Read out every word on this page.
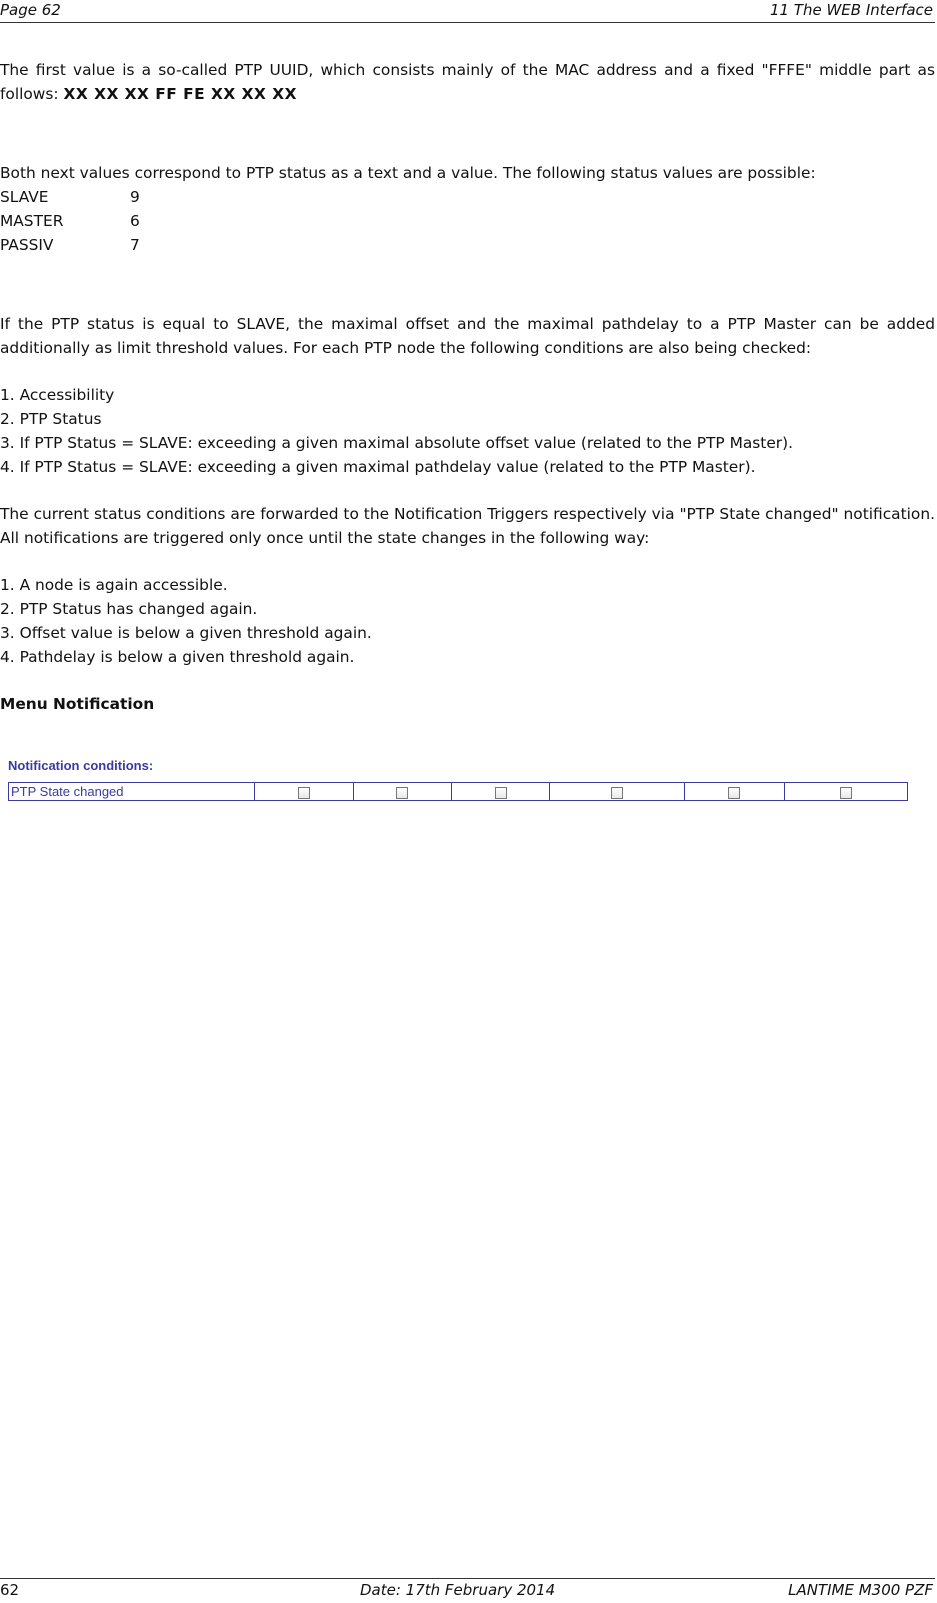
Page 62	11 The WEB Interface

The first value is a so-called PTP UUID, which consists mainly of the MAC address and a fixed "FFFE" middle part as follows: XX XX XX FF FE XX XX XX

Both next values correspond to PTP status as a text and a value. The following status values are possible:

SLAVE	9
MASTER	6
PASSIV	7

If the PTP status is equal to SLAVE, the maximal offset and the maximal pathdelay to a PTP Master can be added additionally as limit threshold values. For each PTP node the following conditions are also being checked:

1. Accessibility

2. PTP Status

3. If PTP Status = SLAVE: exceeding a given maximal absolute offset value (related to the PTP Master).

4. If PTP Status = SLAVE: exceeding a given maximal pathdelay value (related to the PTP Master).

The current status conditions are forwarded to the Notification Triggers respectively via "PTP State changed" notification. All notifications are triggered only once until the state changes in the following way:

1. A node is again accessible.

2. PTP Status has changed again.

3. Offset value is below a given threshold again.

4. Pathdelay is below a given threshold again.

Menu Notification

Notification conditions:
PTP State changed						
62	Date: 17th February 2014	LANTIME M300 PZF
